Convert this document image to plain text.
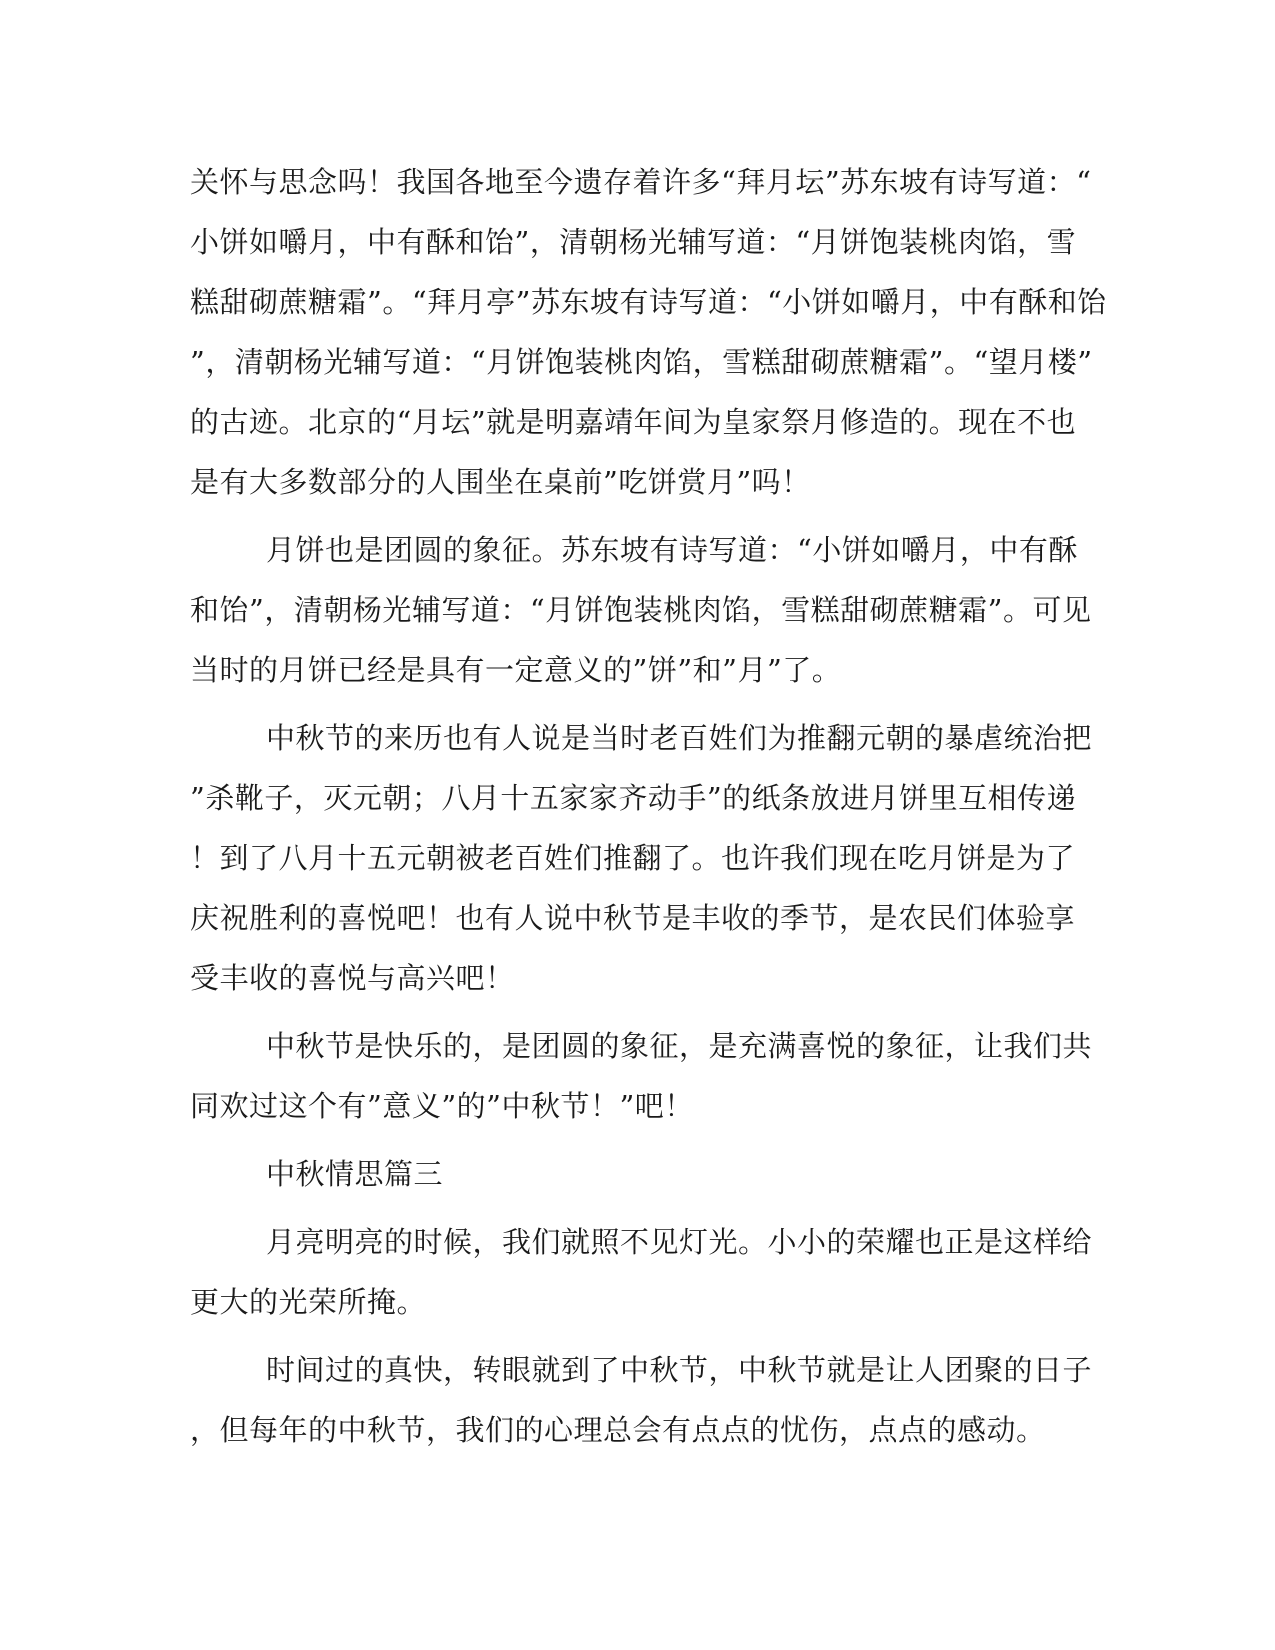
关怀与思念吗！我国各地至今遗存着许多“拜月坛”苏东坡有诗写道：“
小饼如嚼月，中有酥和饴”，清朝杨光辅写道：“月饼饱装桃肉馅，雪
糕甜砌蔗糖霜”。“拜月亭”苏东坡有诗写道：“小饼如嚼月，中有酥和饴
”，清朝杨光辅写道：“月饼饱装桃肉馅，雪糕甜砌蔗糖霜”。“望月楼”
的古迹。北京的“月坛”就是明嘉靖年间为皇家祭月修造的。现在不也
是有大多数部分的人围坐在桌前”吃饼赏月”吗！
月饼也是团圆的象征。苏东坡有诗写道：“小饼如嚼月，中有酥
和饴”，清朝杨光辅写道：“月饼饱装桃肉馅，雪糕甜砌蔗糖霜”。可见
当时的月饼已经是具有一定意义的”饼”和”月”了。
中秋节的来历也有人说是当时老百姓们为推翻元朝的暴虐统治把
”杀靴子，灭元朝；八月十五家家齐动手”的纸条放进月饼里互相传递
！到了八月十五元朝被老百姓们推翻了。也许我们现在吃月饼是为了
庆祝胜利的喜悦吧！也有人说中秋节是丰收的季节，是农民们体验享
受丰收的喜悦与高兴吧！
中秋节是快乐的，是团圆的象征，是充满喜悦的象征，让我们共
同欢过这个有”意义”的”中秋节！”吧！
中秋情思篇三
月亮明亮的时候，我们就照不见灯光。小小的荣耀也正是这样给
更大的光荣所掩。
时间过的真快，转眼就到了中秋节，中秋节就是让人团聚的日子
，但每年的中秋节，我们的心理总会有点点的忧伤，点点的感动。
